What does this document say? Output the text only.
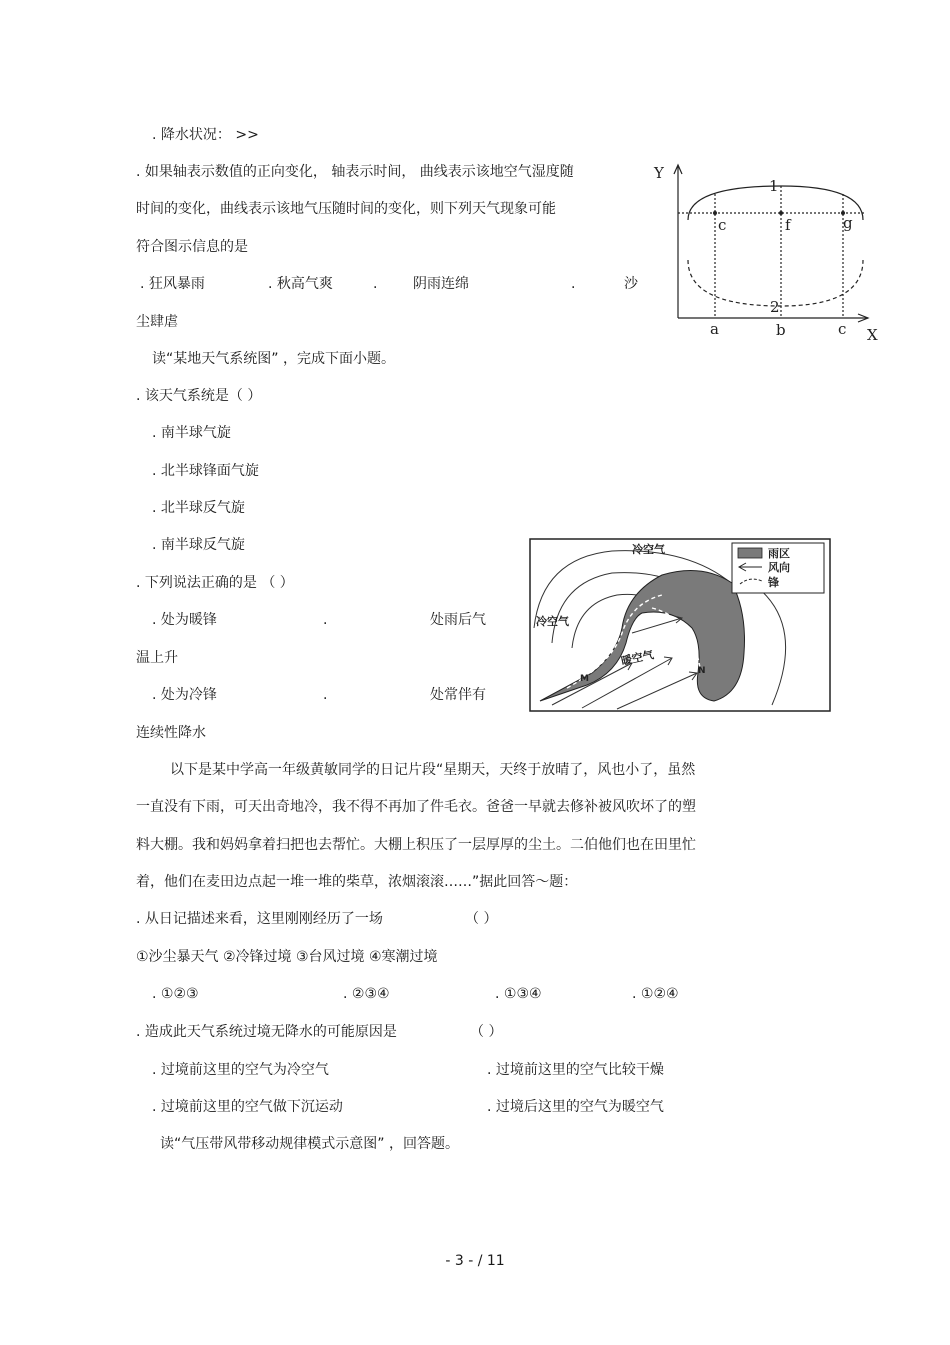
. 降水状况： >>
. 如果轴表示数值的正向变化， 轴表示时间， 曲线表示该地空气湿度随
时间的变化，曲线表示该地气压随时间的变化，则下列天气现象可能
符合图示信息的是
. 狂风暴雨	. 秋高气爽	.	阴雨连绵	.	沙
尘肆虐
Y
X
1
2
c	f	g
a	b	c
读“某地天气系统图” ，完成下面小题。
. 该天气系统是（ ）
. 南半球气旋
. 北半球锋面气旋
. 北半球反气旋
. 南半球反气旋
. 下列说法正确的是 （ ）
. 处为暖锋	.	处雨后气
温上升
. 处为冷锋	.	处常伴有
连续性降水
雨区
风向
锋
冷空气
冷空气
暖空气
M
N
以下是某中学高一年级黄敏同学的日记片段“星期天，天终于放晴了，风也小了，虽然
一直没有下雨，可天出奇地冷，我不得不再加了件毛衣。爸爸一早就去修补被风吹坏了的塑
料大棚。我和妈妈拿着扫把也去帮忙。大棚上积压了一层厚厚的尘土。二伯他们也在田里忙
着，他们在麦田边点起一堆一堆的柴草，浓烟滚滚……”据此回答～题：
. 从日记描述来看，这里刚刚经历了一场	（ ）
①沙尘暴天气 ②冷锋过境 ③台风过境 ④寒潮过境
. ①②③	. ②③④	. ①③④	. ①②④
. 造成此天气系统过境无降水的可能原因是	（ ）
. 过境前这里的空气为冷空气	. 过境前这里的空气比较干燥
. 过境前这里的空气做下沉运动	. 过境后这里的空气为暖空气
读“气压带风带移动规律模式示意图” ，回答题。
- 3 - / 11
